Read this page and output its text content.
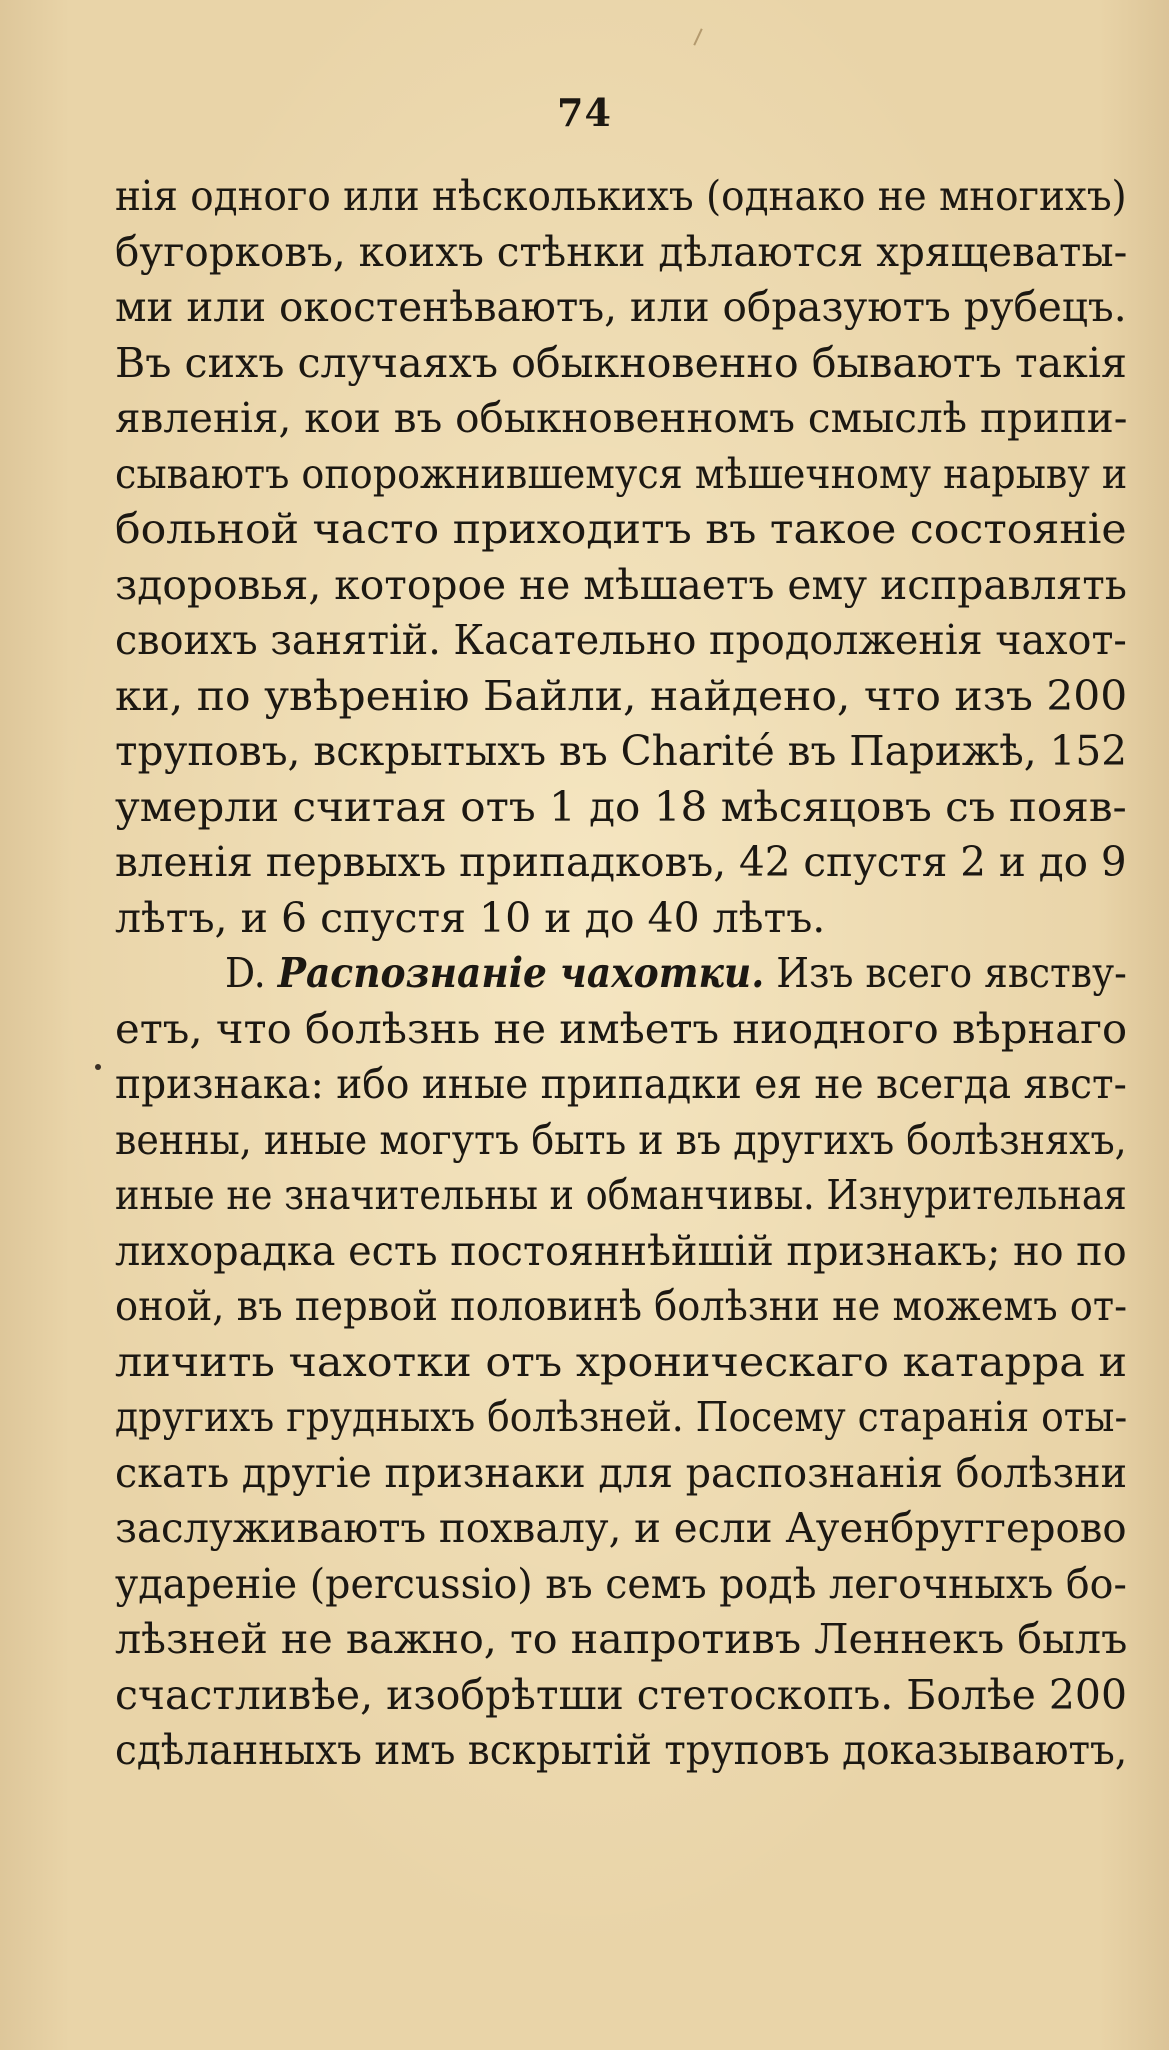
74
нія одного или нѣсколькихъ (однако не многихъ)
бугорковъ, коихъ стѣнки дѣлаются хрящеваты-
ми или окостенѣваютъ, или образуютъ рубецъ.
Въ сихъ случаяхъ обыкновенно бываютъ такія
явленія, кои въ обыкновенномъ смыслѣ припи-
сываютъ опорожнившемуся мѣшечному нарыву и
больной часто приходитъ въ такое состояніе
здоровья, которое не мѣшаетъ ему исправлять
своихъ занятій. Касательно продолженія чахот-
ки, по увѣренію Байли, найдено, что изъ 200
труповъ, вскрытыхъ въ Charité въ Парижѣ, 152
умерли считая отъ 1 до 18 мѣсяцовъ съ появ-
вленія первыхъ припадковъ, 42 спустя 2 и до 9
лѣтъ, и 6 спустя 10 и до 40 лѣтъ.
D. Распознаніе чахотки. Изъ всего явству-
етъ, что болѣзнь не имѣетъ ниодного вѣрнаго
признака: ибо иные припадки ея не всегда явст-
венны, иные могутъ быть и въ другихъ болѣзняхъ,
иные не значительны и обманчивы. Изнурительная
лихорадка есть постояннѣйшій признакъ; но по
оной, въ первой половинѣ болѣзни не можемъ от-
личить чахотки отъ хроническаго катарра и
другихъ грудныхъ болѣзней. Посему старанія оты-
скать другіе признаки для распознанія болѣзни
заслуживаютъ похвалу, и если Ауенбруггерово
удареніе (percussio) въ семъ родѣ легочныхъ бо-
лѣзней не важно, то напротивъ Леннекъ былъ
счастливѣе, изобрѣтши стетоскопъ. Болѣе 200
сдѣланныхъ имъ вскрытій труповъ доказываютъ,
